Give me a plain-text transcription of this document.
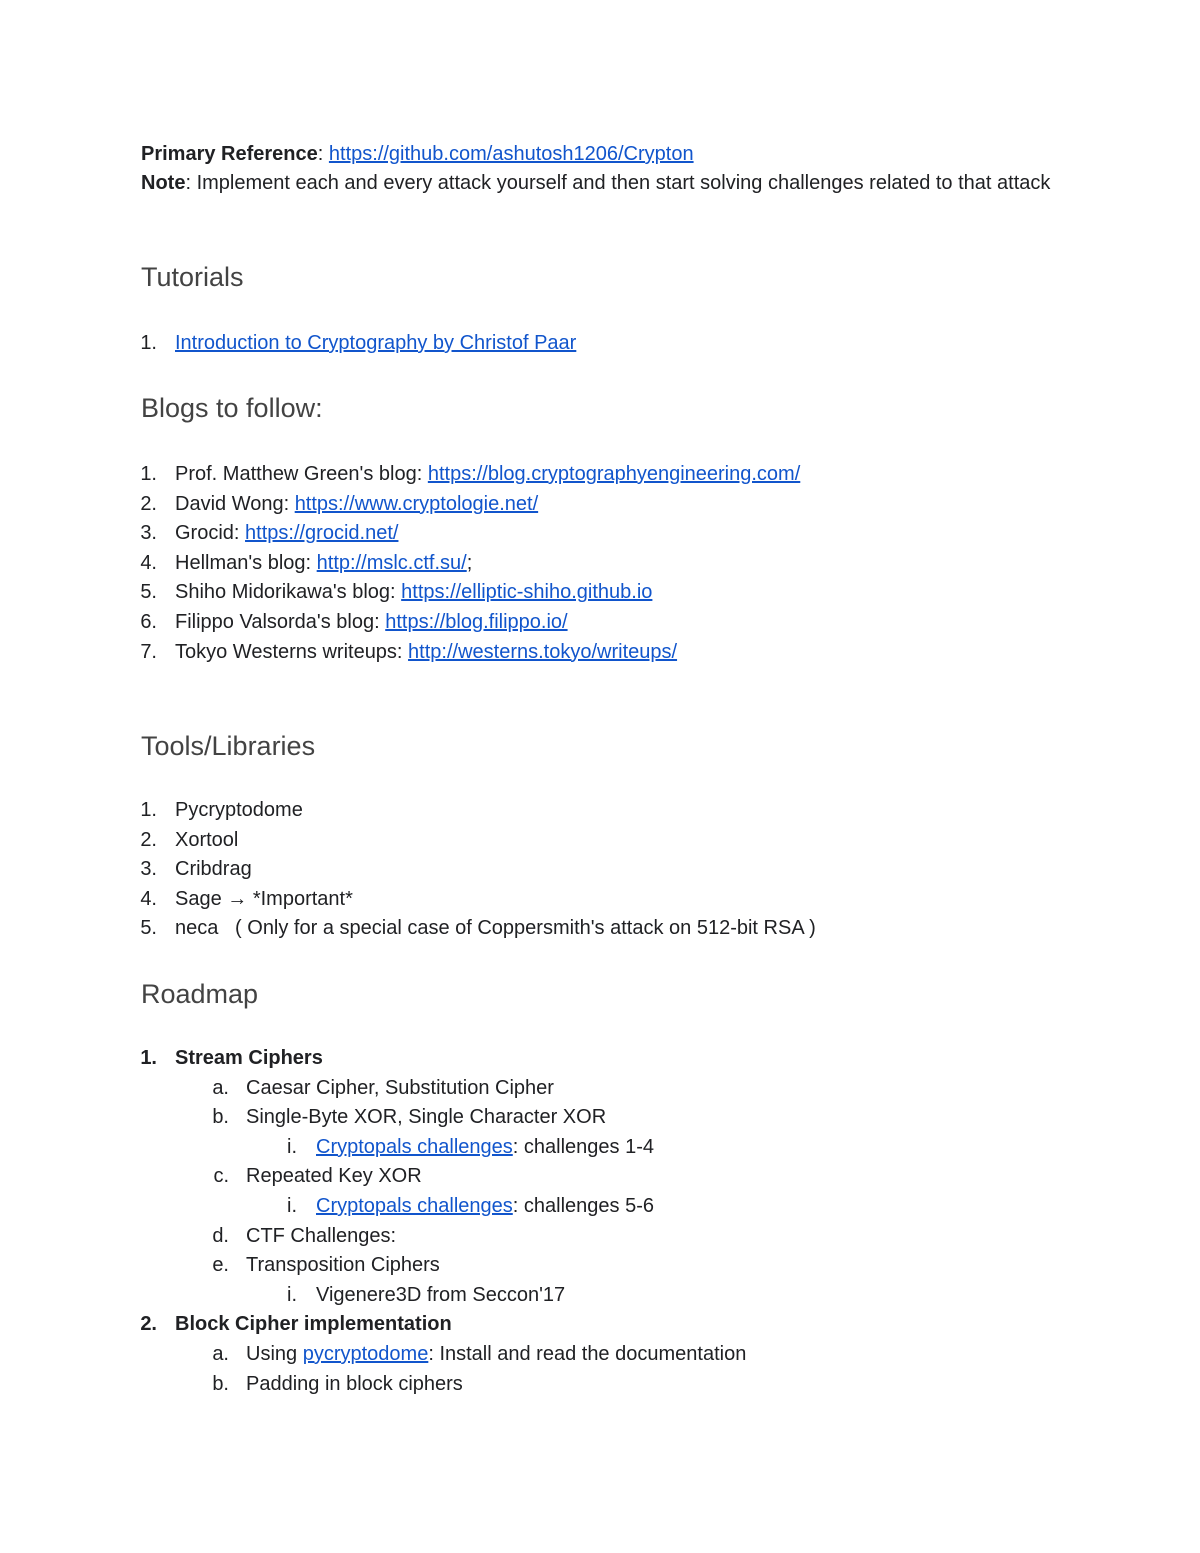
Primary Reference: https://github.com/ashutosh1206/Crypton

Note: Implement each and every attack yourself and then start solving challenges related to that attack

Tutorials
1. Introduction to Cryptography by Christof Paar
Blogs to follow:
1. Prof. Matthew Green's blog: https://blog.cryptographyengineering.com/
2. David Wong: https://www.cryptologie.net/
3. Grocid: https://grocid.net/
4. Hellman's blog: http://mslc.ctf.su/;
5. Shiho Midorikawa's blog: https://elliptic-shiho.github.io
6. Filippo Valsorda's blog: https://blog.filippo.io/
7. Tokyo Westerns writeups: http://westerns.tokyo/writeups/
Tools/Libraries
1. Pycryptodome
2. Xortool
3. Cribdrag
4. Sage → *Important*
5. neca   ( Only for a special case of Coppersmith's attack on 512-bit RSA )
Roadmap
1. Stream Ciphers
a. Caesar Cipher, Substitution Cipher
b. Single-Byte XOR, Single Character XOR
i. Cryptopals challenges: challenges 1-4
c. Repeated Key XOR
i. Cryptopals challenges: challenges 5-6
d. CTF Challenges:
e. Transposition Ciphers
i. Vigenere3D from Seccon'17
2. Block Cipher implementation
a. Using pycryptodome: Install and read the documentation
b. Padding in block ciphers
